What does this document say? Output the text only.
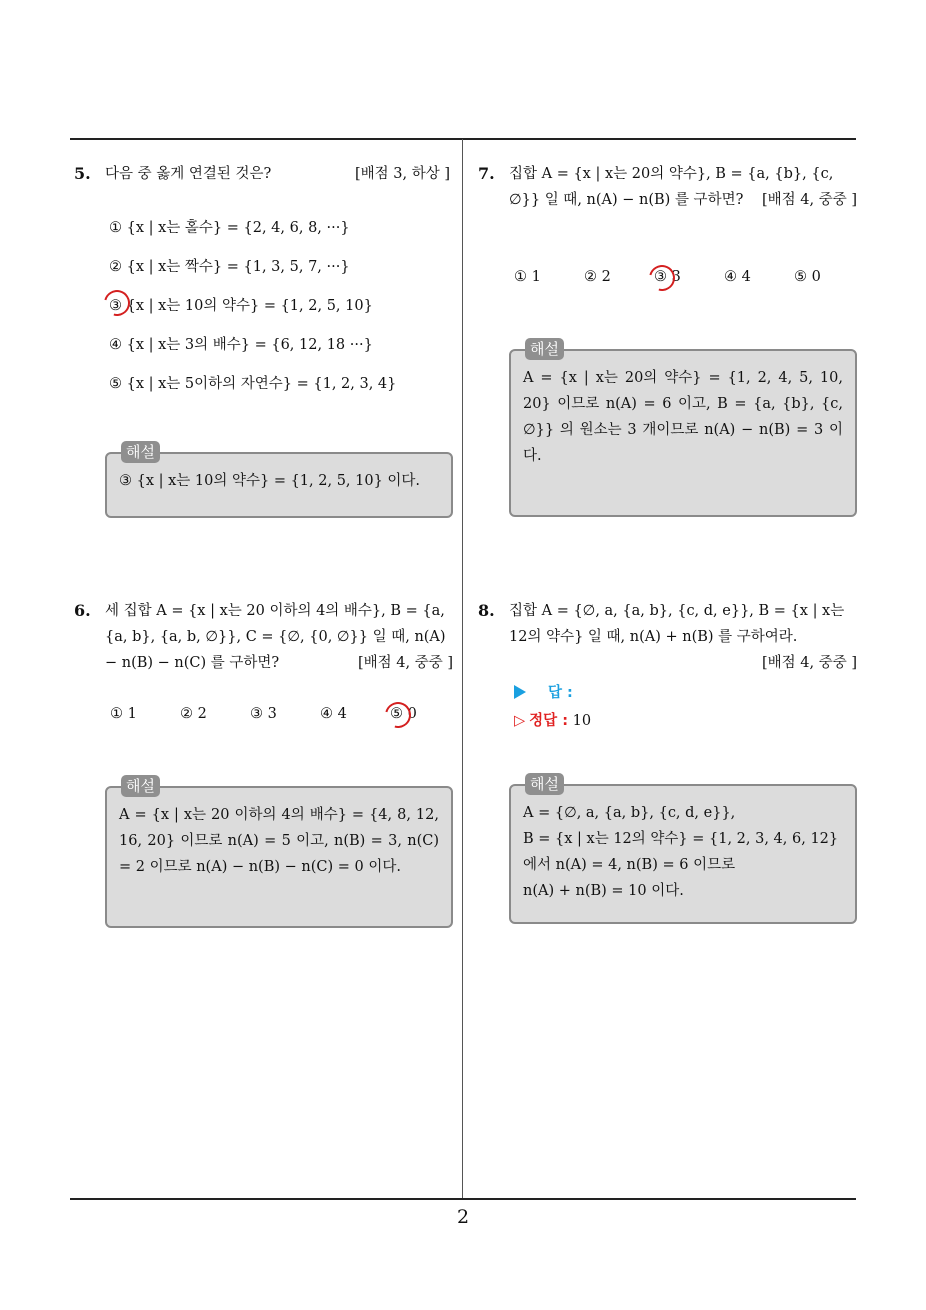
2
5. 다음 중 옳게 연결된 것은?	[배점 3, 하상 ]
① {x | x는 홀수} = {2, 4, 6, 8, ···}
② {x | x는 짝수} = {1, 3, 5, 7, ···}
③ {x | x는 10의 약수} = {1, 2, 5, 10}
④ {x | x는 3의 배수} = {6, 12, 18 ···}
⑤ {x | x는 5이하의 자연수} = {1, 2, 3, 4}
해설
③ {x | x는 10의 약수} = {1, 2, 5, 10} 이다.
6. 세 집합 A = {x | x는 20 이하의 4의 배수}, B = {a, {a, b}, {a, b, ∅}}, C = {∅, {0, ∅}} 일 때, n(A) − n(B) − n(C) 를 구하면?	[배점 4, 중중 ]
① 1	② 2	③ 3	④ 4	⑤ 0
해설
A = {x | x는 20 이하의 4의 배수} = {4, 8, 12, 16, 20} 이므로 n(A) = 5 이고, n(B) = 3, n(C) = 2 이므로 n(A) − n(B) − n(C) = 0 이다.
7. 집합 A = {x | x는 20의 약수}, B = {a, {b}, {c, ∅}} 일 때, n(A) − n(B) 를 구하면? [배점 4, 중중 ]
① 1	② 2	③ 3	④ 4	⑤ 0
해설
A = {x | x는 20의 약수} = {1, 2, 4, 5, 10, 20} 이므로 n(A) = 6 이고, B = {a, {b}, {c, ∅}} 의 원소는 3 개이므로 n(A) − n(B) = 3 이다.
8. 집합 A = {∅, a, {a, b}, {c, d, e}}, B = {x | x는 12의 약수} 일 때, n(A) + n(B) 를 구하여라.
[배점 4, 중중 ]
답 :
▷ 정답 : 10
해설
A = {∅, a, {a, b}, {c, d, e}},
B = {x | x는 12의 약수} = {1, 2, 3, 4, 6, 12}
에서 n(A) = 4, n(B) = 6 이므로
n(A) + n(B) = 10 이다.
